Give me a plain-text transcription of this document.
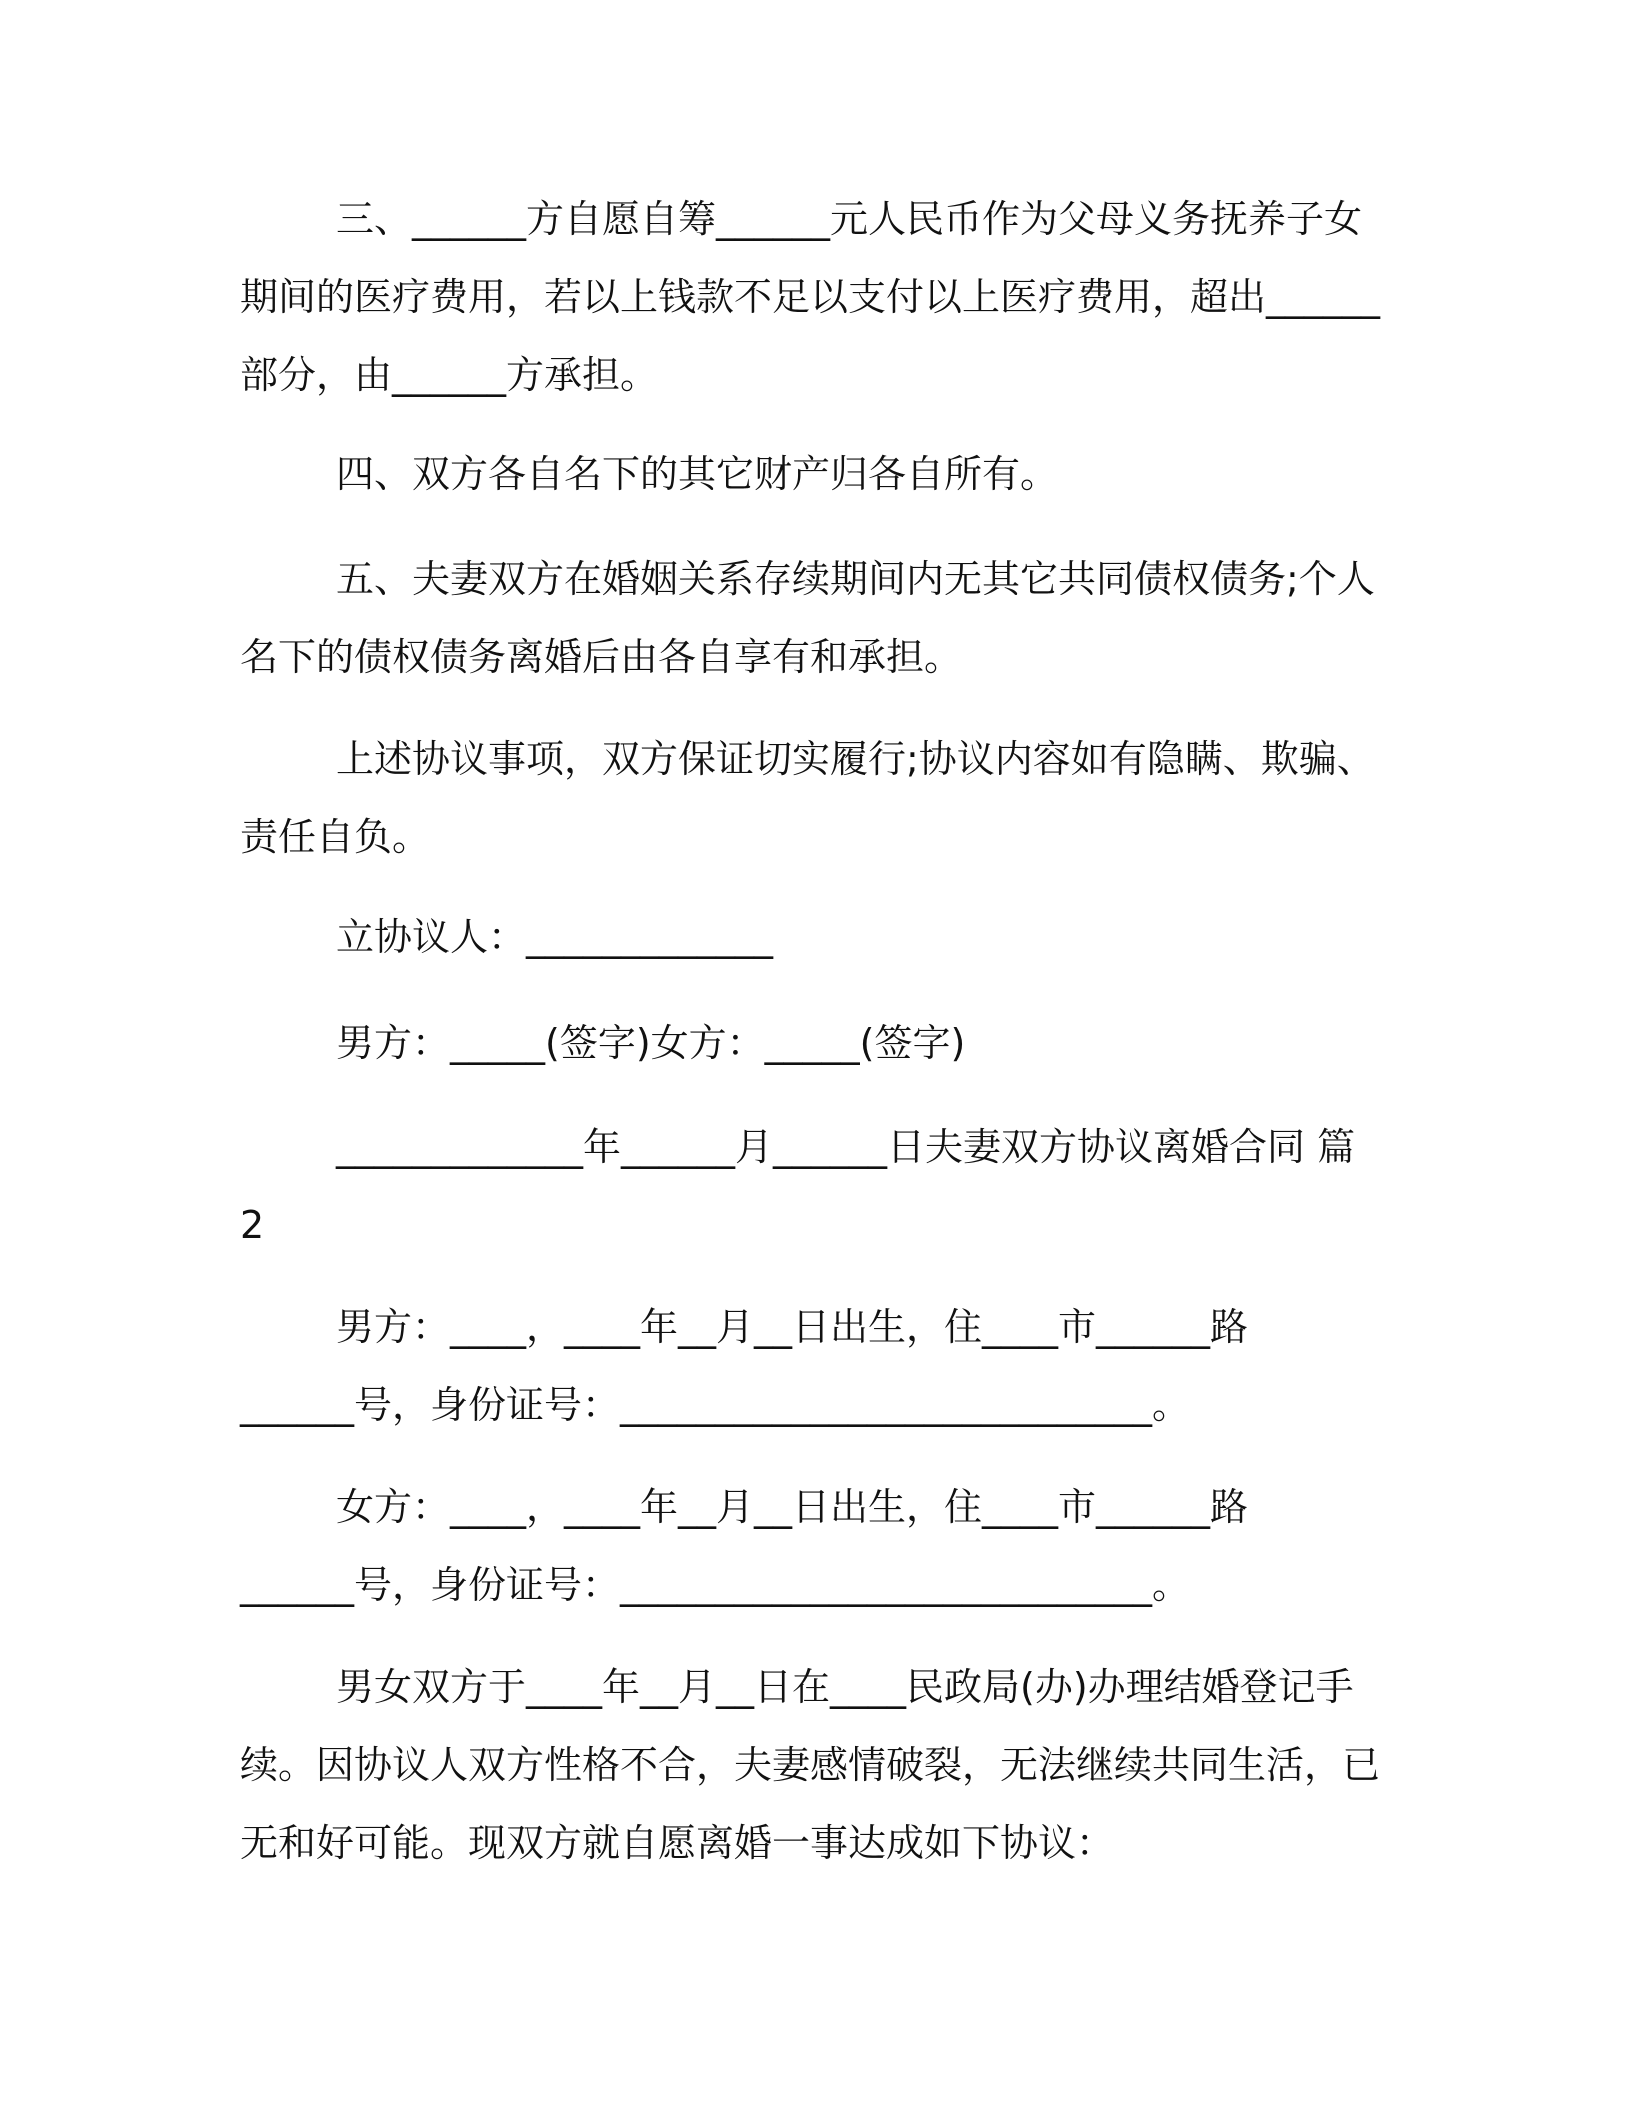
三、______方自愿自筹______元人民币作为父母义务抚养子女
期间的医疗费用，若以上钱款不足以支付以上医疗费用，超出______
部分，由______方承担。
四、双方各自名下的其它财产归各自所有。
五、夫妻双方在婚姻关系存续期间内无其它共同债权债务;个人
名下的债权债务离婚后由各自享有和承担。
上述协议事项，双方保证切实履行;协议内容如有隐瞒、欺骗、
责任自负。
立协议人：_____________
男方：_____(签字)女方：_____(签字)
_____________年______月______日夫妻双方协议离婚合同 篇
2
男方：____，____年__月__日出生，住____市______路
______号，身份证号：____________________________。
女方：____，____年__月__日出生，住____市______路
______号，身份证号：____________________________。
男女双方于____年__月__日在____民政局(办)办理结婚登记手
续。因协议人双方性格不合，夫妻感情破裂，无法继续共同生活，已
无和好可能。现双方就自愿离婚一事达成如下协议：
